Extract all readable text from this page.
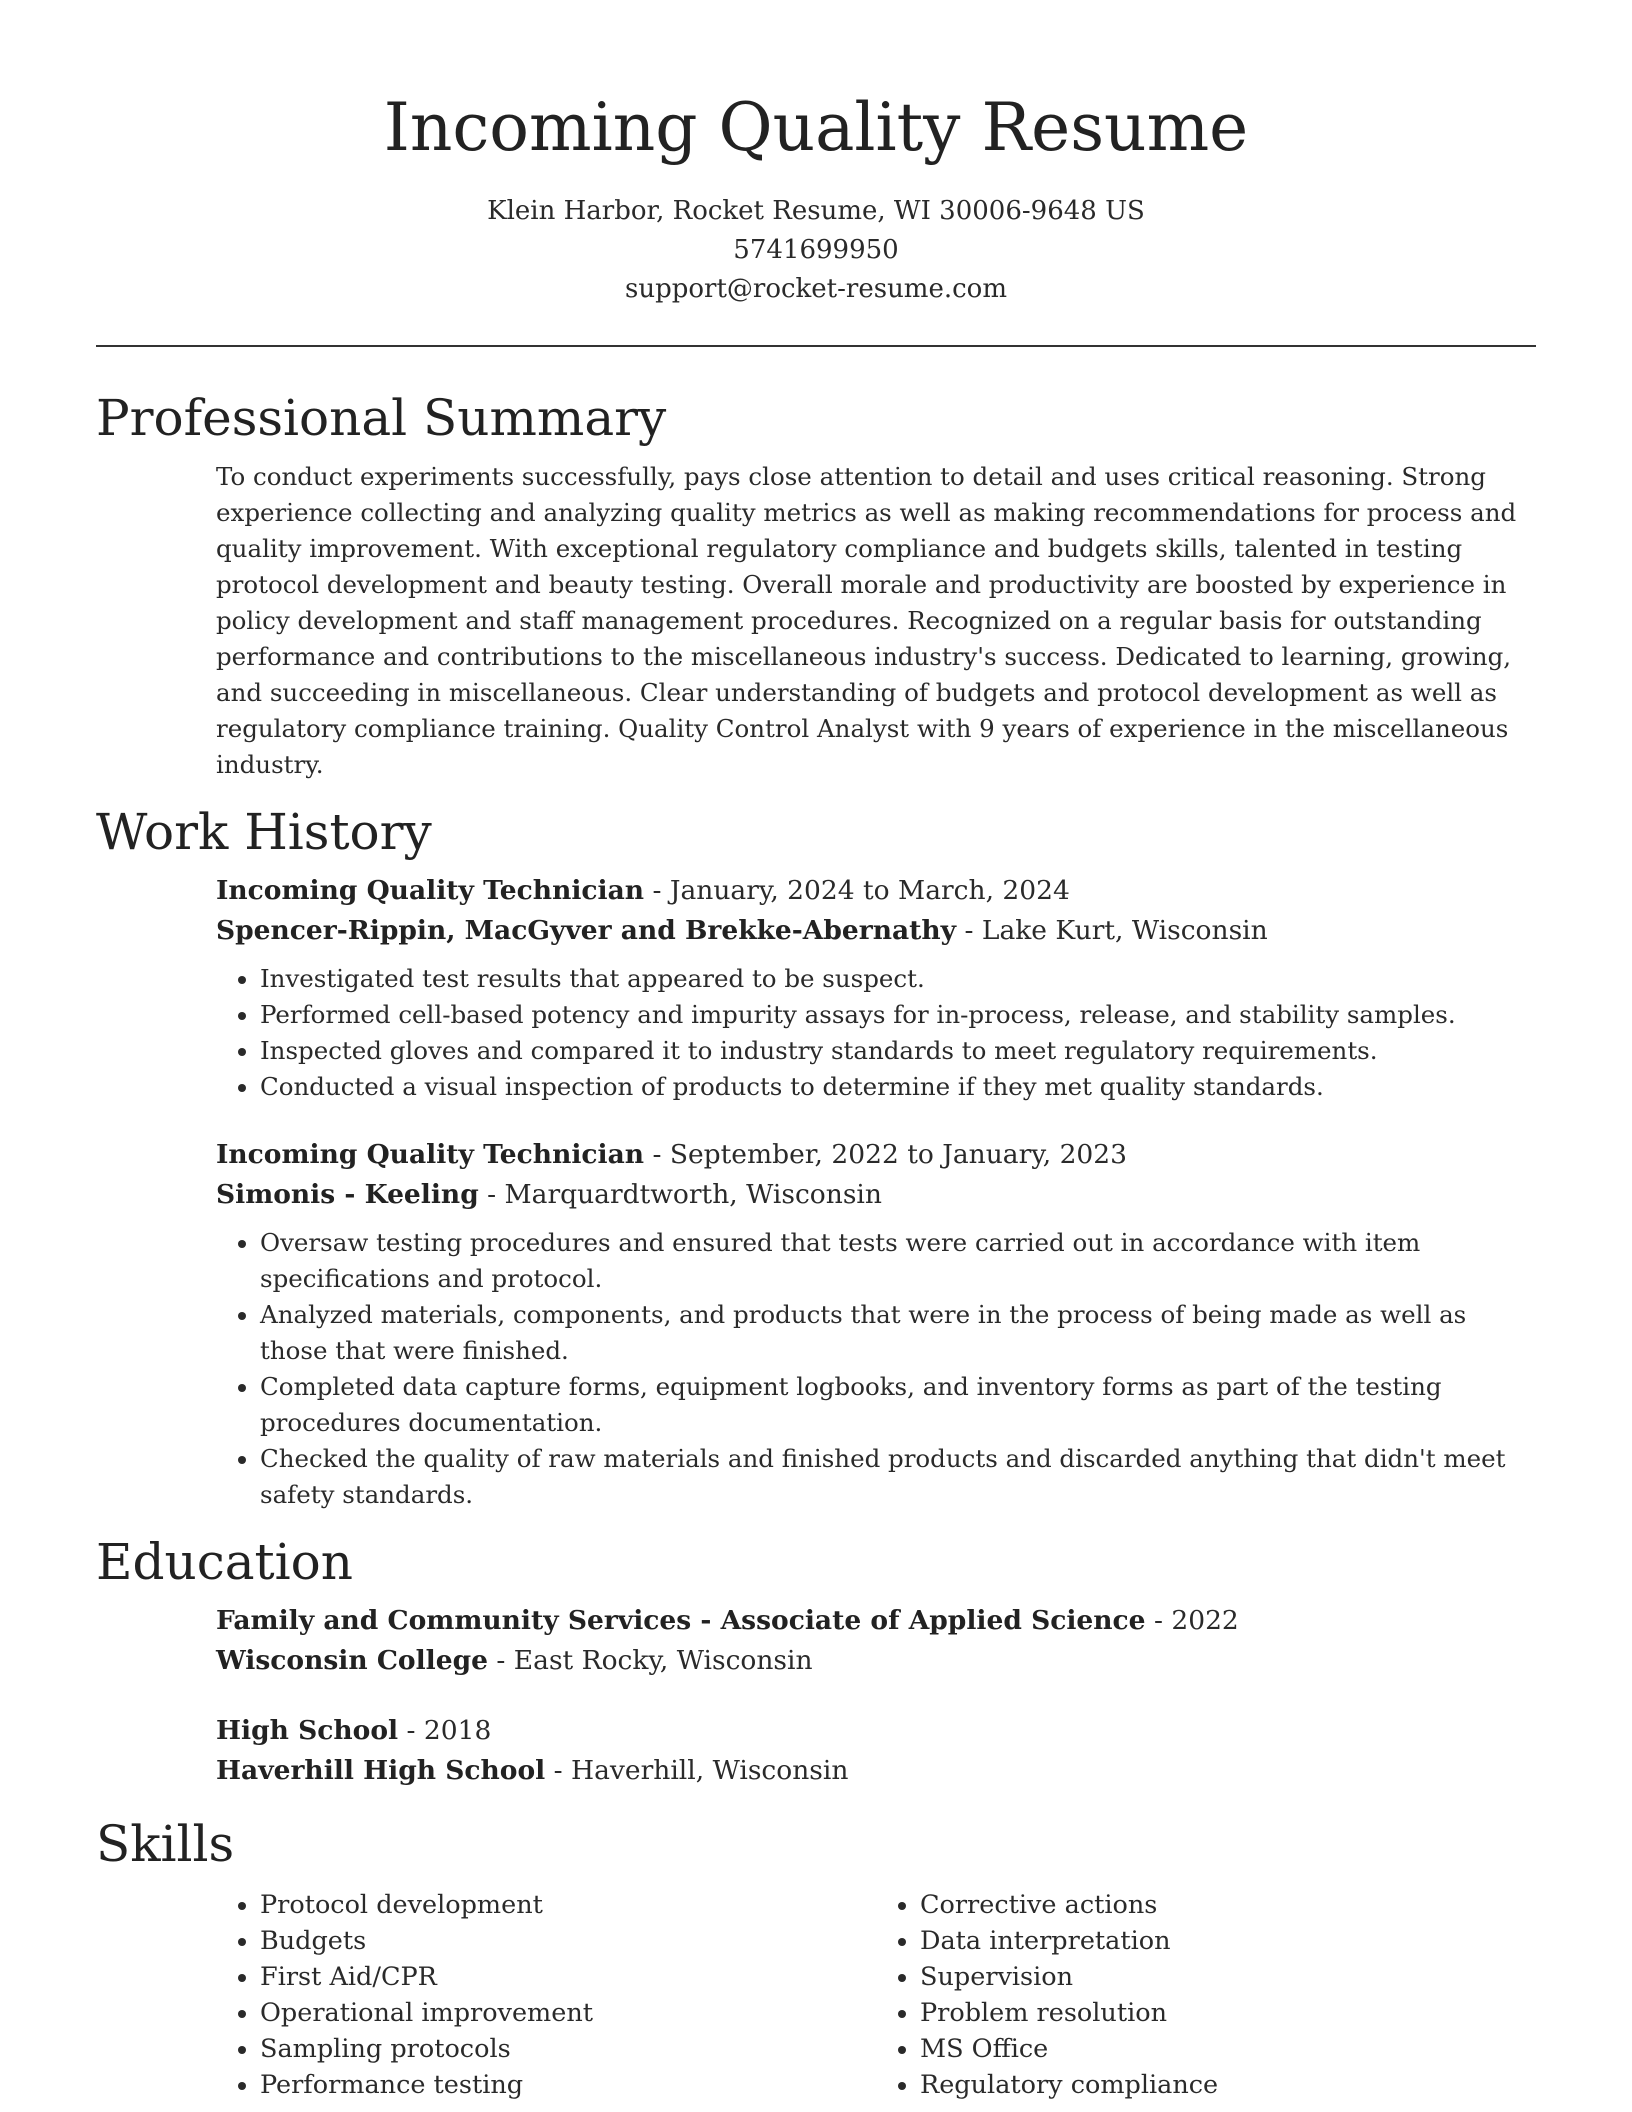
Incoming Quality Resume

Klein Harbor, Rocket Resume, WI 30006-9648 US

5741699950

support@rocket-resume.com

Professional Summary

To conduct experiments successfully, pays close attention to detail and uses critical reasoning. Strong experience collecting and analyzing quality metrics as well as making recommendations for process and quality improvement. With exceptional regulatory compliance and budgets skills, talented in testing protocol development and beauty testing. Overall morale and productivity are boosted by experience in policy development and staff management procedures. Recognized on a regular basis for outstanding performance and contributions to the miscellaneous industry's success. Dedicated to learning, growing, and succeeding in miscellaneous. Clear understanding of budgets and protocol development as well as regulatory compliance training. Quality Control Analyst with 9 years of experience in the miscellaneous industry.

Work History

Incoming Quality Technician - January, 2024 to March, 2024

Spencer-Rippin, MacGyver and Brekke-Abernathy - Lake Kurt, Wisconsin

• Investigated test results that appeared to be suspect.
• Performed cell-based potency and impurity assays for in-process, release, and stability samples.
• Inspected gloves and compared it to industry standards to meet regulatory requirements.
• Conducted a visual inspection of products to determine if they met quality standards.

Incoming Quality Technician - September, 2022 to January, 2023

Simonis - Keeling - Marquardtworth, Wisconsin

• Oversaw testing procedures and ensured that tests were carried out in accordance with item specifications and protocol.
• Analyzed materials, components, and products that were in the process of being made as well as those that were finished.
• Completed data capture forms, equipment logbooks, and inventory forms as part of the testing procedures documentation.
• Checked the quality of raw materials and finished products and discarded anything that didn't meet safety standards.
Education

Family and Community Services - Associate of Applied Science - 2022

Wisconsin College - East Rocky, Wisconsin

High School - 2018

Haverhill High School - Haverhill, Wisconsin

Skills
• Protocol development
• Budgets
• First Aid/CPR
• Operational improvement
• Sampling protocols
• Performance testing
• Corrective actions
• Data interpretation
• Supervision
• Problem resolution
• MS Office
• Regulatory compliance
